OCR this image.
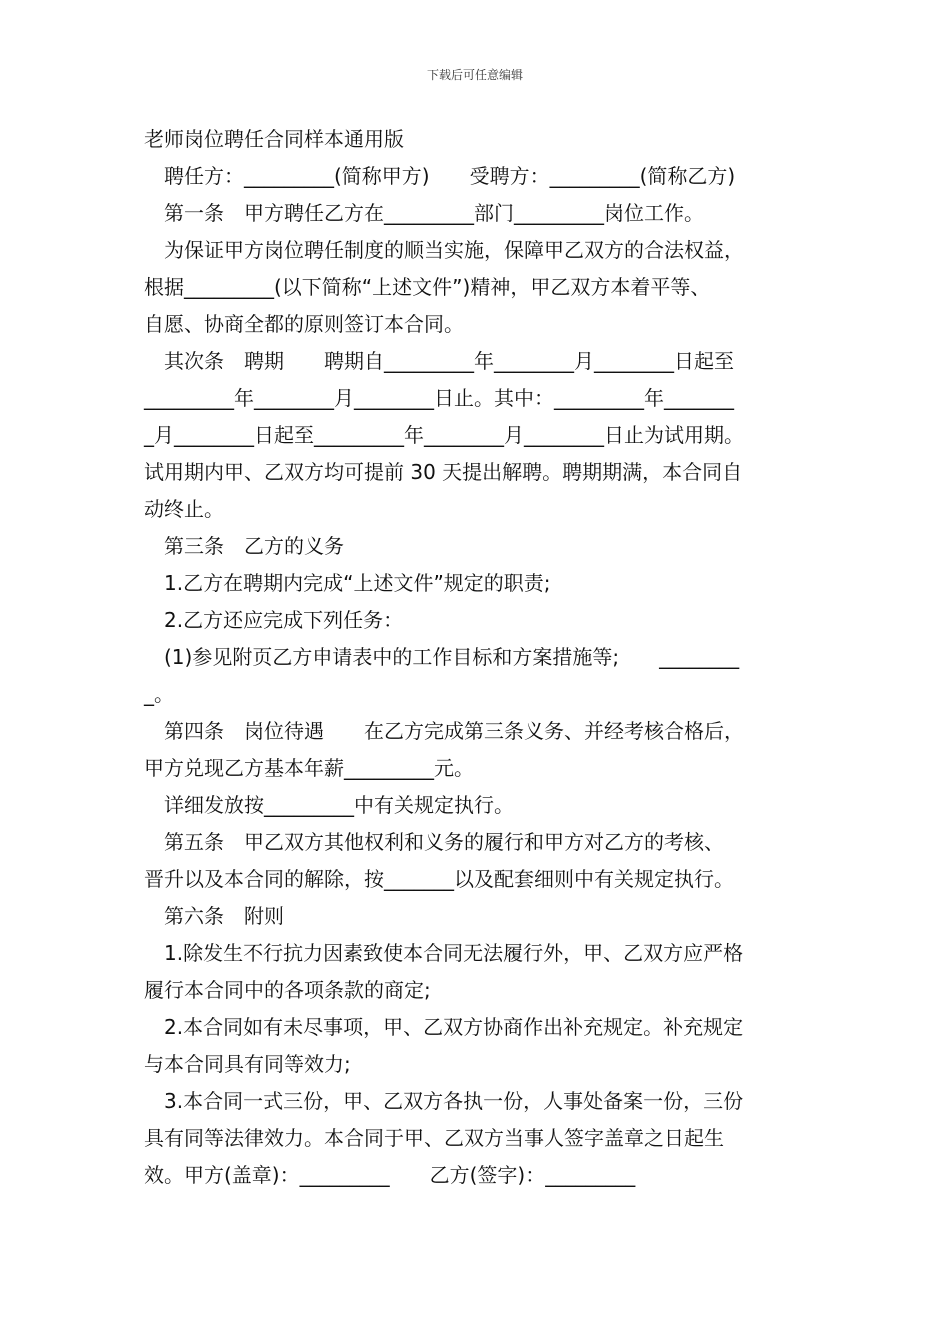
下载后可任意编辑
老师岗位聘任合同样本通用版
　聘任方：_________(简称甲方)　　受聘方：_________(简称乙方)
　第一条　甲方聘任乙方在_________部门_________岗位工作。
　为保证甲方岗位聘任制度的顺当实施，保障甲乙双方的合法权益，
根据_________(以下简称“上述文件”)精神，甲乙双方本着平等、
自愿、协商全都的原则签订本合同。
　其次条　聘期　　聘期自_________年________月________日起至
_________年________月________日止。其中：_________年_______
_月________日起至_________年________月________日止为试用期。
试用期内甲、乙双方均可提前 30 天提出解聘。聘期期满，本合同自
动终止。
　第三条　乙方的义务
　1.乙方在聘期内完成“上述文件”规定的职责;
　2.乙方还应完成下列任务：
　(1)参见附页乙方申请表中的工作目标和方案措施等;　　________
_。
　第四条　岗位待遇　　在乙方完成第三条义务、并经考核合格后，
甲方兑现乙方基本年薪_________元。
　详细发放按_________中有关规定执行。
　第五条　甲乙双方其他权利和义务的履行和甲方对乙方的考核、
晋升以及本合同的解除，按_______以及配套细则中有关规定执行。
　第六条　附则
　1.除发生不行抗力因素致使本合同无法履行外，甲、乙双方应严格
履行本合同中的各项条款的商定;
　2.本合同如有未尽事项，甲、乙双方协商作出补充规定。补充规定
与本合同具有同等效力;
　3.本合同一式三份，甲、乙双方各执一份，人事处备案一份，三份
具有同等法律效力。本合同于甲、乙双方当事人签字盖章之日起生
效。甲方(盖章)：_________　　乙方(签字)：_________
